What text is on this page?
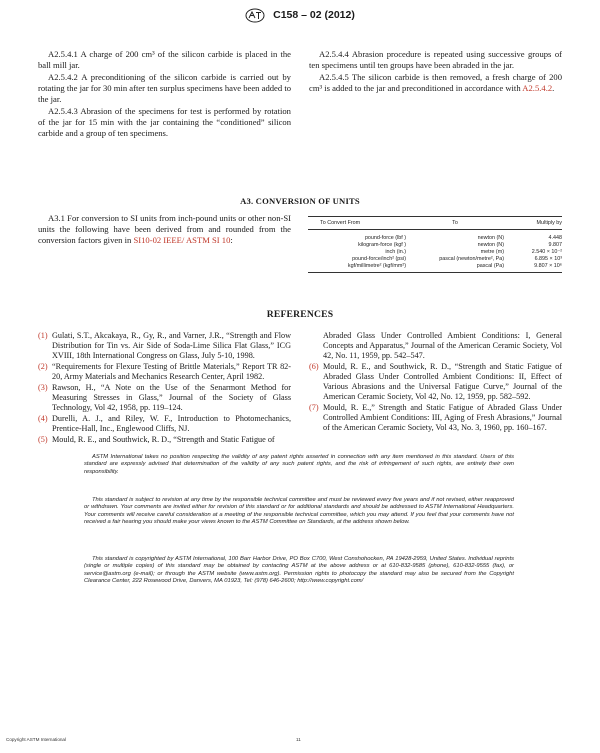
C158 – 02 (2012)

A2.5.4.1 A charge of 200 cm³ of the silicon carbide is placed in the ball mill jar.

A2.5.4.2 A preconditioning of the silicon carbide is carried out by rotating the jar for 30 min after ten surplus specimens have been added to the jar.

A2.5.4.3 Abrasion of the specimens for test is performed by rotation of the jar for 15 min with the jar containing the “conditioned” silicon carbide and a group of ten specimens.

A2.5.4.4 Abrasion procedure is repeated using successive groups of ten specimens until ten groups have been abraded in the jar.

A2.5.4.5 The silicon carbide is then removed, a fresh charge of 200 cm³ is added to the jar and preconditioned in accordance with A2.5.4.2.

A3. CONVERSION OF UNITS

A3.1 For conversion to SI units from inch-pound units or other non-SI units the following have been derived from and rounded from the conversion factors given in SI10-02 IEEE/ ASTM SI 10:

To Convert From	To	Multiply by
pound-force (lbf )	newton (N)	4.448
kilogram-force (kgf )	newton (N)	9.807
inch (in.)	metre (m)	2.540 × 10⁻²
pound-force/inch² (psi)	pascal (newton/metre², Pa)	6.895 × 10³
kgf/millimetre² (kgf/mm²)	pascal (Pa)	9.807 × 10⁶
REFERENCES
(1) Gulati, S.T., Akcakaya, R., Gy, R., and Varner, J.R., “Strength and Flow Distribution for Tin vs. Air Side of Soda-Lime Silica Flat Glass,” ICG XVIII, 18th International Congress on Glass, July 5-10, 1998.
(2) “Requirements for Flexure Testing of Brittle Materials,” Report TR 82-20, Army Materials and Mechanics Research Center, April 1982.
(3) Rawson, H., “A Note on the Use of the Senarmont Method for Measuring Stresses in Glass,” Journal of the Society of Glass Technology, Vol 42, 1958, pp. 119–124.
(4) Durelli, A. J., and Riley, W. F., Introduction to Photomechanics, Prentice-Hall, Inc., Englewood Cliffs, NJ.
(5) Mould, R. E., and Southwick, R. D., “Strength and Static Fatigue of
Abraded Glass Under Controlled Ambient Conditions: I, General Concepts and Apparatus,” Journal of the American Ceramic Society, Vol 42, No. 11, 1959, pp. 542–547.
(6) Mould, R. E., and Southwick, R. D., “Strength and Static Fatigue of Abraded Glass Under Controlled Ambient Conditions: II, Effect of Various Abrasions and the Universal Fatigue Curve,” Journal of the American Ceramic Society, Vol 42, No. 12, 1959, pp. 582–592.
(7) Mould, R. E.,” Strength and Static Fatigue of Abraded Glass Under Controlled Ambient Conditions: III, Aging of Fresh Abrasions,” Journal of the American Ceramic Society, Vol 43, No. 3, 1960, pp. 160–167.

ASTM International takes no position respecting the validity of any patent rights asserted in connection with any item mentioned in this standard. Users of this standard are expressly advised that determination of the validity of any such patent rights, and the risk of infringement of such rights, are entirely their own responsibility.

This standard is subject to revision at any time by the responsible technical committee and must be reviewed every five years and if not revised, either reapproved or withdrawn. Your comments are invited either for revision of this standard or for additional standards and should be addressed to ASTM International Headquarters. Your comments will receive careful consideration at a meeting of the responsible technical committee, which you may attend. If you feel that your comments have not received a fair hearing you should make your views known to the ASTM Committee on Standards, at the address shown below.

This standard is copyrighted by ASTM International, 100 Barr Harbor Drive, PO Box C700, West Conshohocken, PA 19428-2959, United States. Individual reprints (single or multiple copies) of this standard may be obtained by contacting ASTM at the above address or at 610-832-9585 (phone), 610-832-9555 (fax), or service@astm.org (e-mail); or through the ASTM website (www.astm.org). Permission rights to photocopy the standard may also be secured from the Copyright Clearance Center, 222 Rosewood Drive, Danvers, MA 01923, Tel: (978) 646-2600; http://www.copyright.com/

Copyright ASTM International	11
